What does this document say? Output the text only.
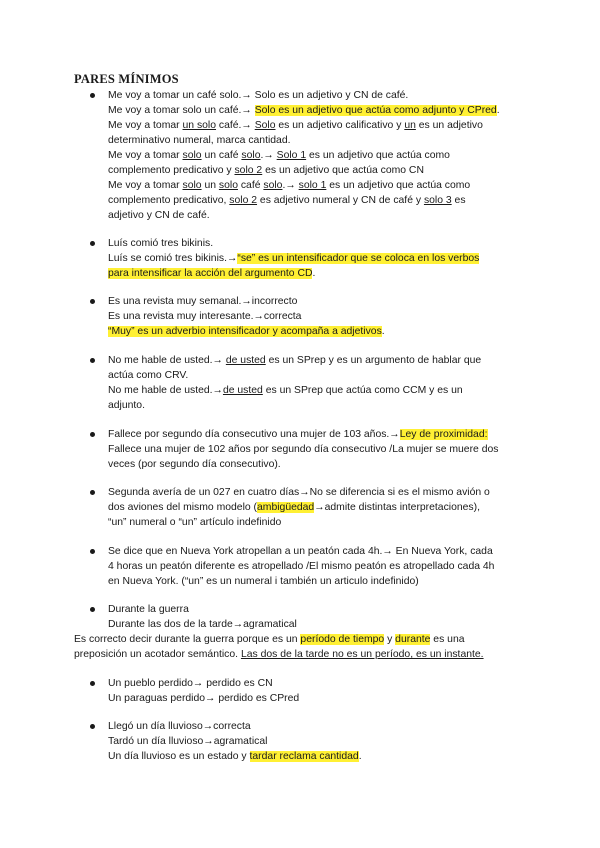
PARES MÍNIMOS
Me voy a tomar un café solo.→ Solo es un adjetivo y CN de café.
Me voy a tomar solo un café.→ Solo es un adjetivo que actúa como adjunto y CPred.
Me voy a tomar un solo café.→ Solo es un adjetivo calificativo y un es un adjetivo
determinativo numeral, marca cantidad.
Me voy a tomar solo un café solo.→ Solo 1 es un adjetivo que actúa como
complemento predicativo y solo 2 es un adjetivo que actúa como CN
Me voy a tomar solo un solo café solo.→ solo 1 es un adjetivo que actúa como
complemento predicativo, solo 2 es adjetivo numeral y CN de café y solo 3 es
adjetivo y CN de café.
Luís comió tres bikinis.
Luís se comió tres bikinis.→“se” es un intensificador que se coloca en los verbos
para intensificar la acción del argumento CD.
Es una revista muy semanal.→incorrecto
Es una revista muy interesante.→correcta
“Muy” es un adverbio intensificador y acompaña a adjetivos.
No me hable de usted.→ de usted es un SPrep y es un argumento de hablar que
actúa como CRV.
No me hable de usted.→de usted es un SPrep que actúa como CCM y es un
adjunto.
Fallece por segundo día consecutivo una mujer de 103 años.→Ley de proximidad:
Fallece una mujer de 102 años por segundo día consecutivo /La mujer se muere dos
veces (por segundo día consecutivo).
Segunda avería de un 027 en cuatro días→No se diferencia si es el mismo avión o
dos aviones del mismo modelo (ambigüedad→admite distintas interpretaciones),
“un” numeral o “un” artículo indefinido
Se dice que en Nueva York atropellan a un peatón cada 4h.→ En Nueva York, cada
4 horas un peatón diferente es atropellado /El mismo peatón es atropellado cada 4h
en Nueva York. (“un” es un numeral i también un articulo indefinido)
Durante la guerra
Durante las dos de la tarde→agramatical
Es correcto decir durante la guerra porque es un período de tiempo y durante es una
preposición un acotador semántico. Las dos de la tarde no es un período, es un instante.
Un pueblo perdido→ perdido es CN
Un paraguas perdido→ perdido es CPred
Llegó un día lluvioso→correcta
Tardó un día lluvioso→agramatical
Un día lluvioso es un estado y tardar reclama cantidad.
